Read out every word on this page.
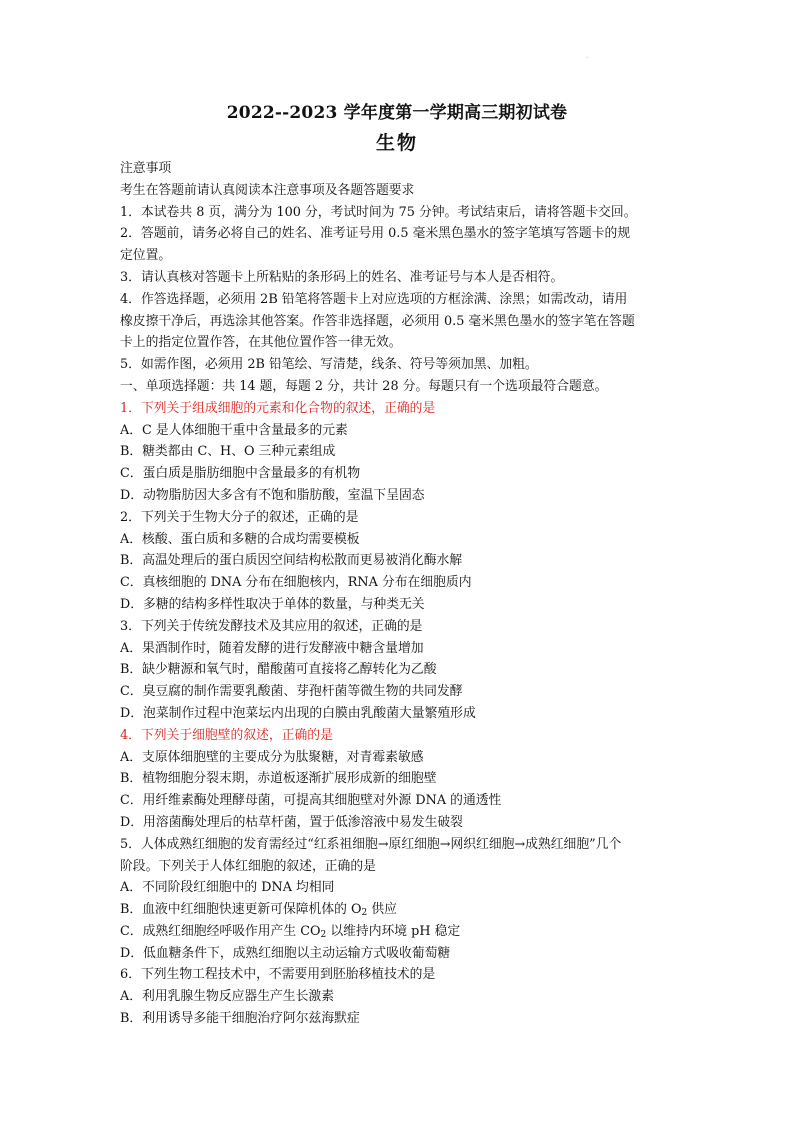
·
2022--2023 学年度第一学期高三期初试卷
生物
注意事项
考生在答题前请认真阅读本注意事项及各题答题要求
1．本试卷共 8 页，满分为 100 分，考试时间为 75 分钟。考试结束后，请将答题卡交回。
2．答题前，请务必将自己的姓名、准考证号用 0.5 毫米黑色墨水的签字笔填写答题卡的规
定位置。
3．请认真核对答题卡上所粘贴的条形码上的姓名、准考证号与本人是否相符。
4．作答选择题，必须用 2B 铅笔将答题卡上对应选项的方框涂满、涂黑；如需改动，请用
橡皮擦干净后，再选涂其他答案。作答非选择题，必须用 0.5 毫米黑色墨水的签字笔在答题
卡上的指定位置作答，在其他位置作答一律无效。
5．如需作图，必须用 2B 铅笔绘、写清楚，线条、符号等须加黑、加粗。
一、单项选择题：共 14 题，每题 2 分，共计 28 分。每题只有一个选项最符合题意。
1．下列关于组成细胞的元素和化合物的叙述，正确的是
A．C 是人体细胞干重中含量最多的元素
B．糖类都由 C、H、O 三种元素组成
C．蛋白质是脂肪细胞中含量最多的有机物
D．动物脂肪因大多含有不饱和脂肪酸，室温下呈固态
2．下列关于生物大分子的叙述，正确的是
A．核酸、蛋白质和多糖的合成均需要模板
B．高温处理后的蛋白质因空间结构松散而更易被消化酶水解
C．真核细胞的 DNA 分布在细胞核内，RNA 分布在细胞质内
D．多糖的结构多样性取决于单体的数量，与种类无关
3．下列关于传统发酵技术及其应用的叙述，正确的是
A．果酒制作时，随着发酵的进行发酵液中糖含量增加
B．缺少糖源和氧气时，醋酸菌可直接将乙醇转化为乙酸
C．臭豆腐的制作需要乳酸菌、芽孢杆菌等微生物的共同发酵
D．泡菜制作过程中泡菜坛内出现的白膜由乳酸菌大量繁殖形成
4．下列关于细胞壁的叙述，正确的是
A．支原体细胞壁的主要成分为肽聚糖，对青霉素敏感
B．植物细胞分裂末期，赤道板逐渐扩展形成新的细胞壁
C．用纤维素酶处理酵母菌，可提高其细胞壁对外源 DNA 的通透性
D．用溶菌酶处理后的枯草杆菌，置于低渗溶液中易发生破裂
5．人体成熟红细胞的发育需经过“红系祖细胞→原红细胞→网织红细胞→成熟红细胞”几个
阶段。下列关于人体红细胞的叙述，正确的是
A．不同阶段红细胞中的 DNA 均相同
B．血液中红细胞快速更新可保障机体的 $O_2$ 供应
C．成熟红细胞经呼吸作用产生 $CO_2$ 以维持内环境 pH 稳定
D．低血糖条件下，成熟红细胞以主动运输方式吸收葡萄糖
6．下列生物工程技术中，不需要用到胚胎移植技术的是
A．利用乳腺生物反应器生产生长激素
B．利用诱导多能干细胞治疗阿尔兹海默症
